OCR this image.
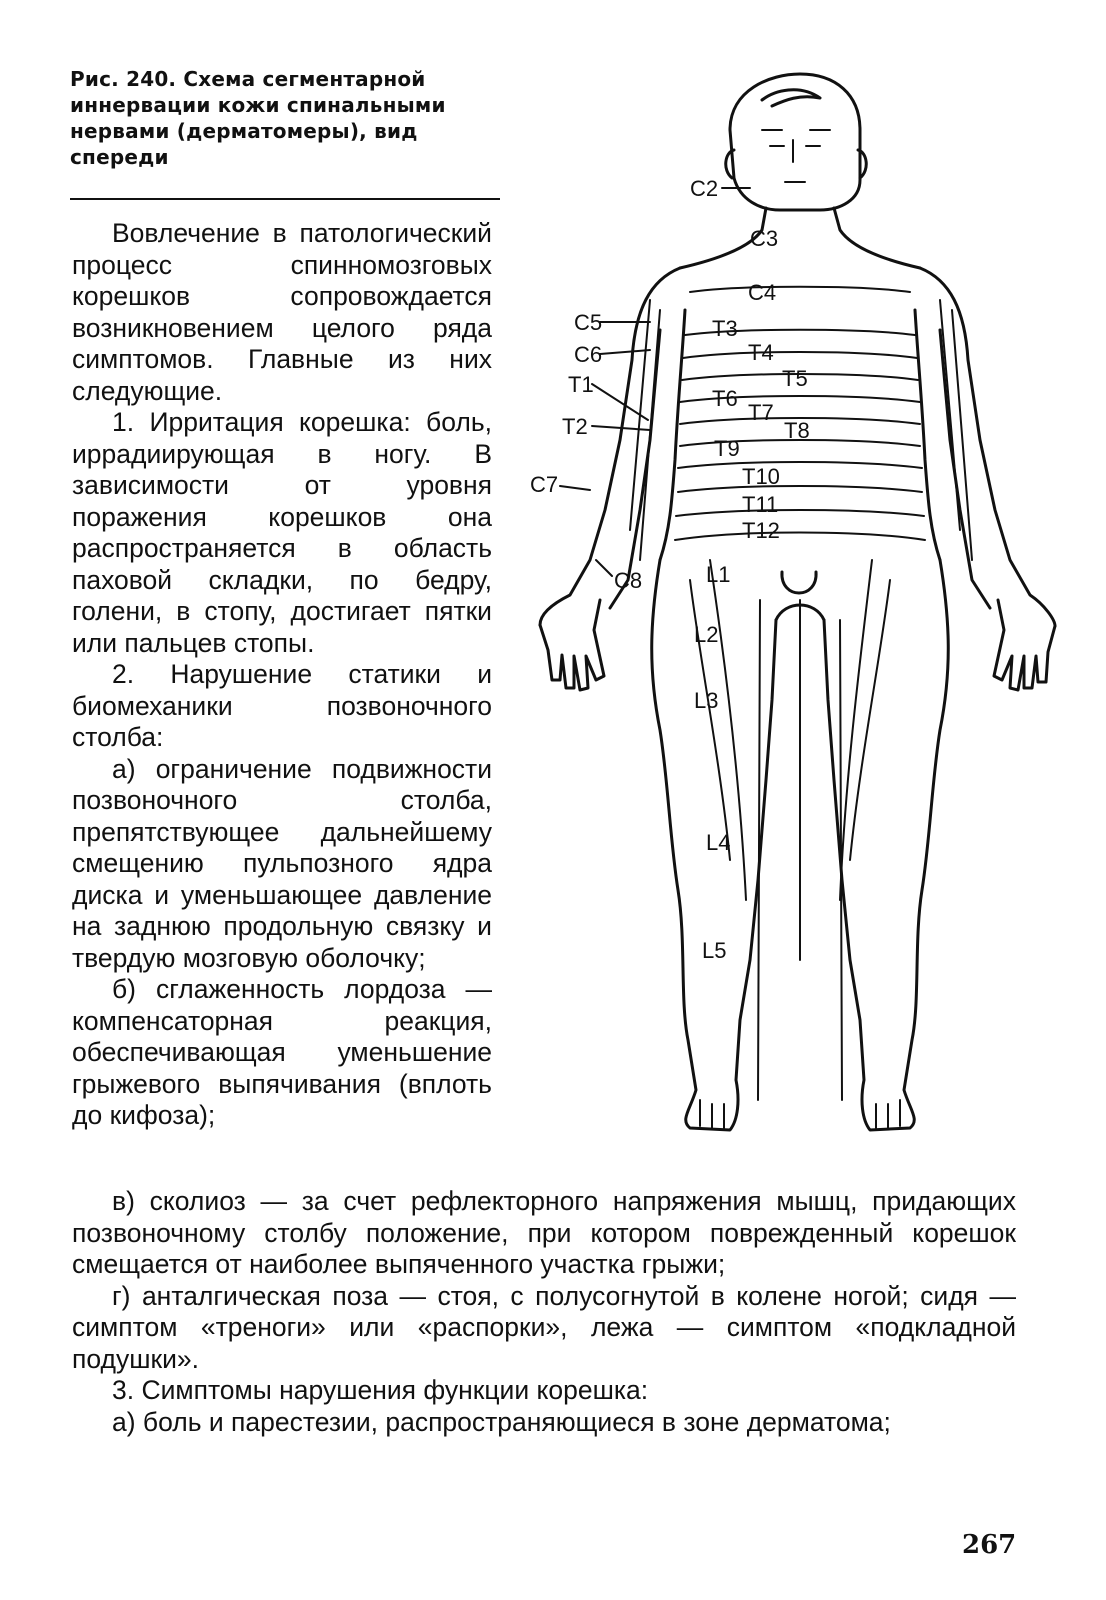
Рис. 240. Схема сегментарной иннервации кожи спинальными нервами (дерматомеры), вид спереди

Вовлечение в патологический процесс спинномозговых корешков сопровождается возникновением целого ряда симптомов. Главные из них следующие.

1. Ирритация корешка: боль, иррадиирующая в ногу. В зависимости от уровня поражения корешков она распространяется в область паховой складки, по бедру, голени, в стопу, достигает пятки или пальцев стопы.

2. Нарушение статики и биомеханики позвоночного столба:

а) ограничение подвижности позвоночного столба, препятствующее дальнейшему смещению пульпозного ядра диска и уменьшающее давление на заднюю продольную связку и твердую мозговую оболочку;

б) сглаженность лордоза — компенсаторная реакция, обеспечивающая уменьшение грыжевого выпячивания (вплоть до кифоза);

в) сколиоз — за счет рефлекторного напряжения мышц, придающих позвоночному столбу положение, при котором поврежденный корешок смещается от наиболее выпяченного участка грыжи;

г) анталгическая поза — стоя, с полусогнутой в колене ногой; сидя — симптом «треноги» или «распорки», лежа — симптом «подкладной подушки».

3. Симптомы нарушения функции корешка:

а) боль и парестезии, распространяющиеся в зоне дерматома;

C2
C3
C4
C5
C6
T1
T2
T3
T4
T5
T6
T7
T8
T9
T10
T11
T12
C7
C8	L1
L2
L3
L4
L5
267
